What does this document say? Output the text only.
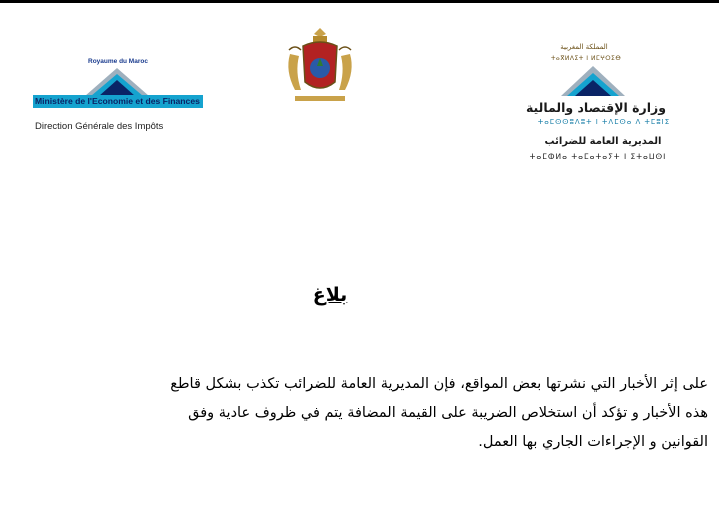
Royaume du Maroc
Ministère de l'Economie et des Finances
Direction Générale des Impôts
المملكة المغربية
ⵜⴰⴳⵍⴷⵉⵜ ⵏ ⵍⵎⵖⵔⵉⴱ
وزارة الإقتصاد والمالية
ⵜⴰⵎⵙⵙⵓⴷⵓⵜ ⵏ ⵜⴷⵎⵙⴰ ⴷ ⵜⵎⵓⵏⵉ
المديرية العامة للضرائب
ⵜⴰⵎⵀⵍⴰ ⵜⴰⵎⴰⵜⴰⵢⵜ ⵏ ⵉⵜⴰⵡⵙⵏ
بلاغ
على إثر الأخبار التي نشرتها بعض المواقع، فإن المديرية العامة للضرائب تكذب بشكل قاطع
هذه الأخبار و تؤكد أن استخلاص الضريبة على القيمة المضافة يتم في ظروف عادية وفق
القوانين و الإجراءات الجاري بها العمل.
